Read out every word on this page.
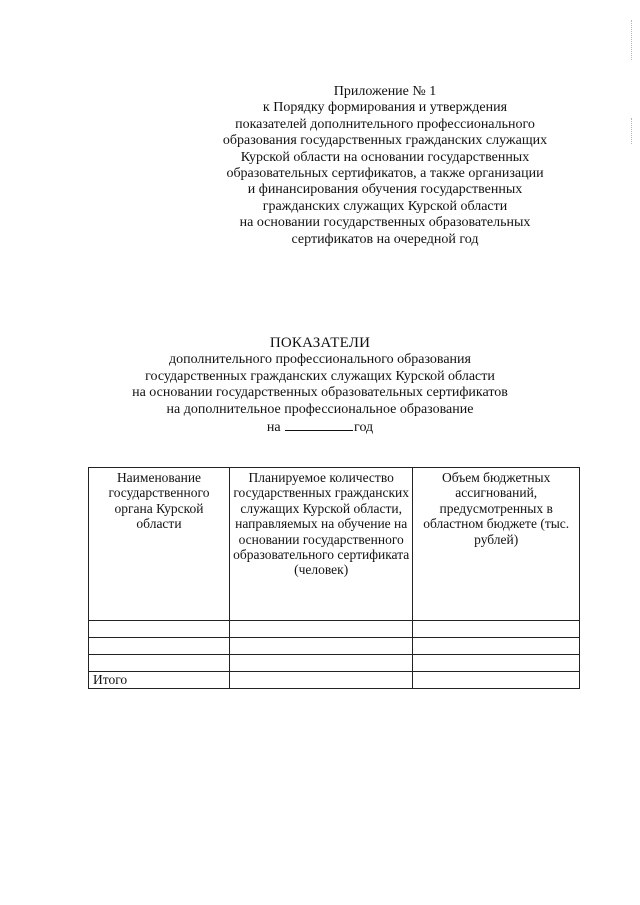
Приложение № 1
к Порядку формирования и утверждения
показателей дополнительного профессионального
образования государственных гражданских служащих
Курской области на основании государственных
образовательных сертификатов, а также организации
и финансирования обучения государственных
гражданских служащих Курской области
на основании государственных образовательных
сертификатов на очередной год
ПОКАЗАТЕЛИ
дополнительного профессионального образования
государственных гражданских служащих Курской области
на основании государственных образовательных сертификатов
на дополнительное профессиональное образование
на	год
Наименование государственного органа Курской области	Планируемое количество государственных гражданских служащих Курской области, направляемых на обучение на основании государственного образовательного сертификата (человек)	Объем бюджетных ассигнований, предусмотренных в областном бюджете (тыс. рублей)

Итого		
